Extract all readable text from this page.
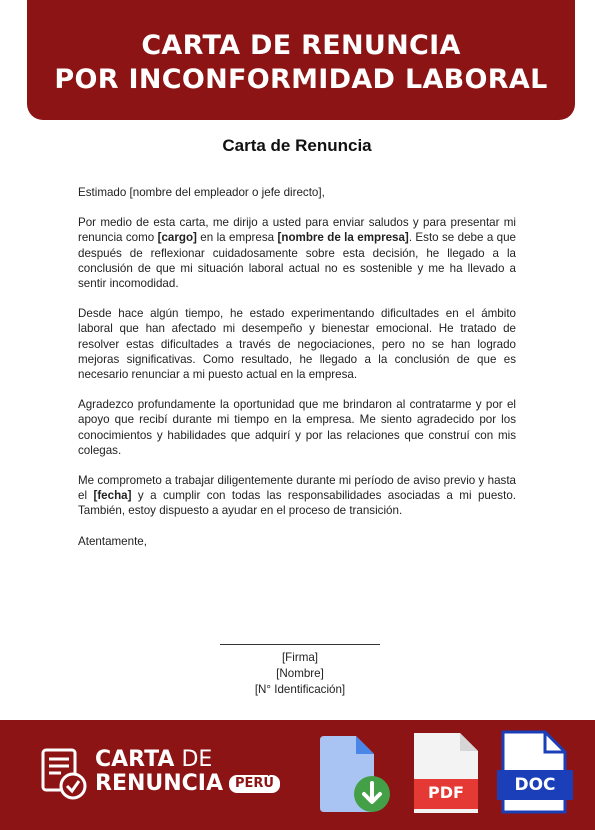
CARTA DE RENUNCIA
POR INCONFORMIDAD LABORAL
Carta de Renuncia
Estimado [nombre del empleador o jefe directo],
Por medio de esta carta, me dirijo a usted para enviar saludos y para presentar mi renuncia como [cargo] en la empresa [nombre de la empresa]. Esto se debe a que después de reflexionar cuidadosamente sobre esta decisión, he llegado a la conclusión de que mi situación laboral actual no es sostenible y me ha llevado a sentir incomodidad.
Desde hace algún tiempo, he estado experimentando dificultades en el ámbito laboral que han afectado mi desempeño y bienestar emocional. He tratado de resolver estas dificultades a través de negociaciones, pero no se han logrado mejoras significativas. Como resultado, he llegado a la conclusión de que es necesario renunciar a mi puesto actual en la empresa.
Agradezco profundamente la oportunidad que me brindaron al contratarme y por el apoyo que recibí durante mi tiempo en la empresa. Me siento agradecido por los conocimientos y habilidades que adquirí y por las relaciones que construí con mis colegas.
Me comprometo a trabajar diligentemente durante mi período de aviso previo y hasta el [fecha] y a cumplir con todas las responsabilidades asociadas a mi puesto. También, estoy dispuesto a ayudar en el proceso de transición.
Atentamente,
[Firma]
[Nombre]
[N° Identificación]
CARTA DE
RENUNCIA PERÚ	PDF	DOC
